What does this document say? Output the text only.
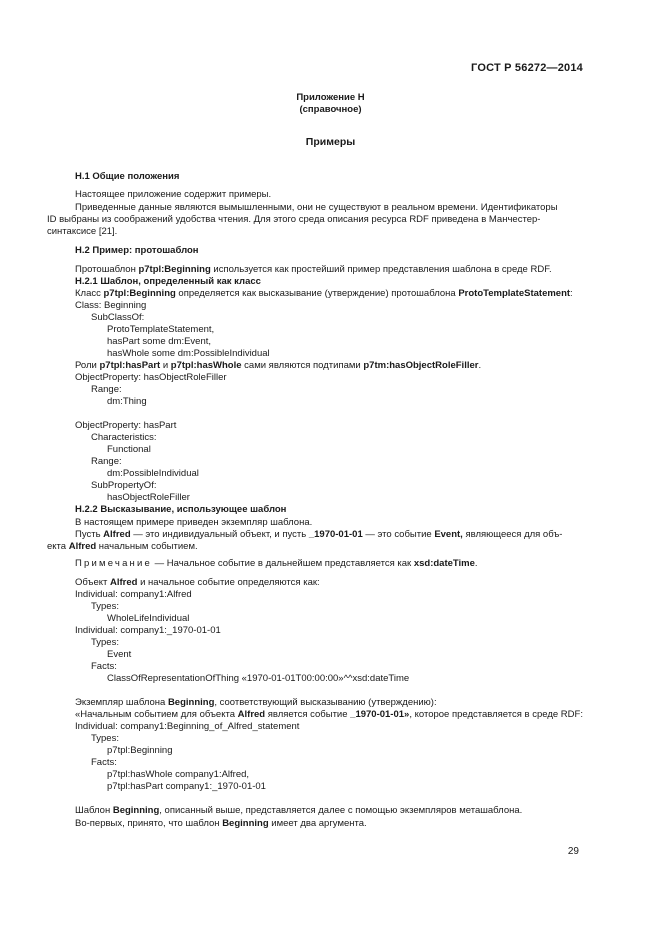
ГОСТ Р 56272—2014
Приложение Н
(справочное)
Примеры
Н.1 Общие положения
Настоящее приложение содержит примеры.
Приведенные данные являются вымышленными, они не существуют в реальном времени. Идентификаторы
ID выбраны из соображений удобства чтения. Для этого среда описания ресурса RDF приведена в Манчестер-
синтаксисе [21].
Н.2 Пример: протошаблон
Протошаблон p7tpl:Beginning используется как простейший пример представления шаблона в среде RDF.
Н.2.1 Шаблон, определенный как класс
Класс p7tpl:Beginning определяется как высказывание (утверждение) протошаблона ProtoTemplateStatement:
Class: Beginning
SubClassOf:
ProtoTemplateStatement,
hasPart some dm:Event,
hasWhole some dm:PossibleIndividual
Роли p7tpl:hasPart и p7tpl:hasWhole сами являются подтипами p7tm:hasObjectRoleFiller.
ObjectProperty: hasObjectRoleFiller
Range:
dm:Thing
ObjectProperty: hasPart
Characteristics:
Functional
Range:
dm:PossibleIndividual
SubPropertyOf:
hasObjectRoleFiller
Н.2.2 Высказывание, использующее шаблон
В настоящем примере приведен экземпляр шаблона.
Пусть Alfred — это индивидуальный объект, и пусть _1970-01-01 — это событие Event, являющееся для объ-
екта Alfred начальным событием.
Примечание — Начальное событие в дальнейшем представляется как xsd:dateTime.
Объект Alfred и начальное событие определяются как:
Individual: company1:Alfred
Types:
WholeLifeIndividual
Individual: company1:_1970-01-01
Types:
Event
Facts:
ClassOfRepresentationOfThing «1970-01-01T00:00:00»^^xsd:dateTime
Экземпляр шаблона Beginning, соответствующий высказыванию (утверждению):
«Начальным событием для объекта Alfred является событие _1970-01-01», которое представляется в среде RDF:
Individual: company1:Beginning_of_Alfred_statement
Types:
p7tpl:Beginning
Facts:
p7tpl:hasWhole company1:Alfred,
p7tpl:hasPart company1:_1970-01-01
Шаблон Beginning, описанный выше, представляется далее с помощью экземпляров меташаблона.
Во-первых, принято, что шаблон Beginning имеет два аргумента.
29
